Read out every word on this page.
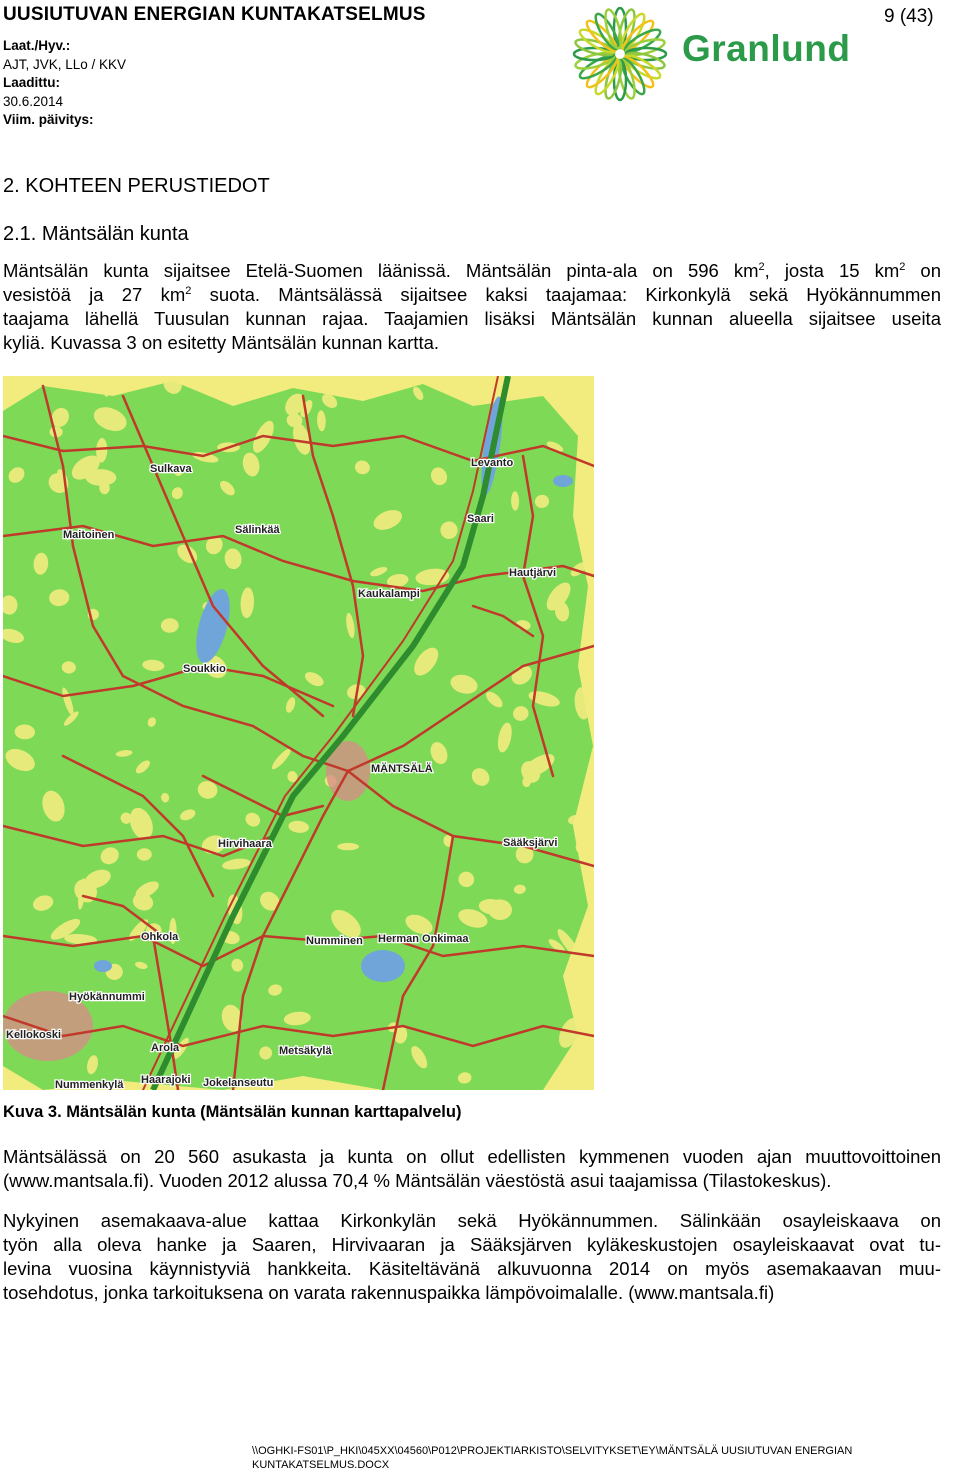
UUSIUTUVAN ENERGIAN KUNTAKATSELMUS	9 (43)
Laat./Hyv.:
AJT, JVK, LLo / KKV
Laadittu:
30.6.2014
Viim. päivitys:
Granlund
2. KOHTEEN PERUSTIEDOT
2.1. Mäntsälän kunta
Mäntsälän kunta sijaitsee Etelä-Suomen läänissä. Mäntsälän pinta-ala on 596 $km^2$, josta 15 $km^2$ on
vesistöä ja 27 $km^2$ suota. Mäntsälässä sijaitsee kaksi taajamaa: Kirkonkylä sekä Hyökännummen
taajama lähellä Tuusulan kunnan rajaa. Taajamien lisäksi Mäntsälän kunnan alueella sijaitsee useita
kyliä. Kuvassa 3 on esitetty Mäntsälän kunnan kartta.
Sulkava	Levanto
Maitoinen
Saari
Sälinkää
Hautjärvi
Kaukalampi
Soukkio
MÄNTSÄLÄ
Hirvihaara	Sääksjärvi
Ohkola	Numminen Herman Onkimaa
Hyökännummi
Kellokoski
Arola	Metsäkylä
Nummenkylä Haarajoki Jokelanseutu
Kuva 3. Mäntsälän kunta (Mäntsälän kunnan karttapalvelu)
Mäntsälässä on 20 560 asukasta ja kunta on ollut edellisten kymmenen vuoden ajan muuttovoittoinen
(www.mantsala.fi). Vuoden 2012 alussa 70,4 % Mäntsälän väestöstä asui taajamissa (Tilastokeskus).
Nykyinen asemakaava-alue kattaa Kirkonkylän sekä Hyökännummen. Sälinkään osayleiskaava on
työn alla oleva hanke ja Saaren, Hirvivaaran ja Sääksjärven kyläkeskustojen osayleiskaavat ovat tu-
levina vuosina käynnistyviä hankkeita. Käsiteltävänä alkuvuonna 2014 on myös asemakaavan muu-
tosehdotus, jonka tarkoituksena on varata rakennuspaikka lämpövoimalalle. (www.mantsala.fi)
\\OGHKI-FS01\P_HKI\045XX\04560\P012\PROJEKTIARKISTO\SELVITYKSET\EY\MÄNTSÄLÄ UUSIUTUVAN ENERGIAN
KUNTAKATSELMUS.DOCX
